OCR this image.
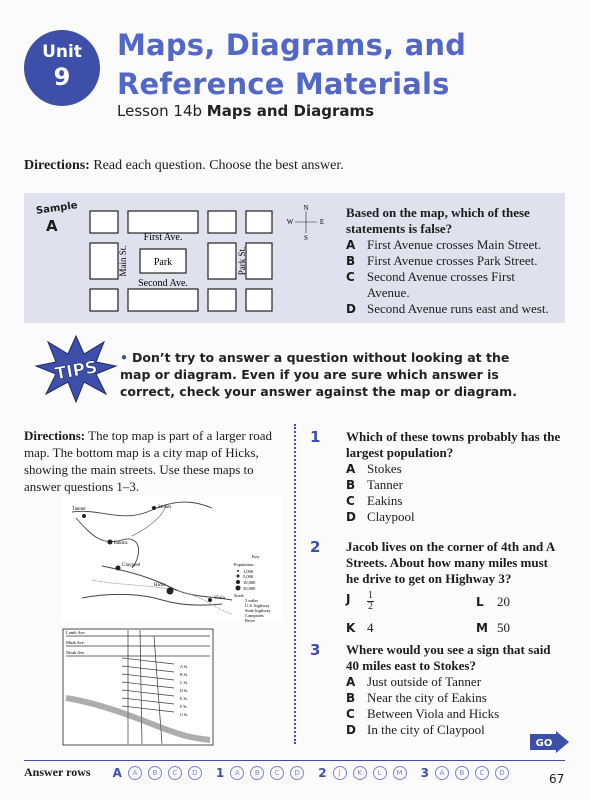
Unit
9
Maps, Diagrams, and
Reference Materials
Lesson 14b Maps and Diagrams
Directions: Read each question. Choose the best answer.
Sample
A
First Ave.
Second Ave.
Park
Main St.	Park St.
N
S
E
W
Based on the map, which of these statements is false?
A First Avenue crosses Main Street.
B First Avenue crosses Park Street.
C Second Avenue crosses First Avenue.
D Second Avenue runs east and west.
TIPS • Don’t try to answer a question without looking at the map or diagram. Even if you are sure which answer is correct, check your answer against the map or diagram.
Directions: The top map is part of a larger road map. The bottom map is a city map of Hicks, showing the main streets. Use these maps to answer questions 1–3.
Tanner	Stokes
Eakins
Claypool
Hicks
Viola
Key
Population
1,000
5,000
10,000
50,000
Scale
5 miles
U.S. highway
State highway
Campsites
River
Lamb Ave.
Mink Ave.
Ninth Ave.
A St.
B St.
C St.
D St.
E St.
F St.
G St.
1 Which of these towns probably has the largest population?
A Stokes
B Tanner
C Eakins
D Claypool
2 Jacob lives on the corner of 4th and A Streets. About how many miles must he drive to get on Highway 3?
J	$\frac{1}{2}$	L	20
K 4	M 50
3 Where would you see a sign that said 40 miles east to Stokes?
A Just outside of Tanner
B Near the city of Eakins
C Between Viola and Hicks
D In the city of Claypool
GO
Answer rows A	A	B	C	D	1	A	B	C	D	2	J	K	L	M	3	A	B	C	D	67
